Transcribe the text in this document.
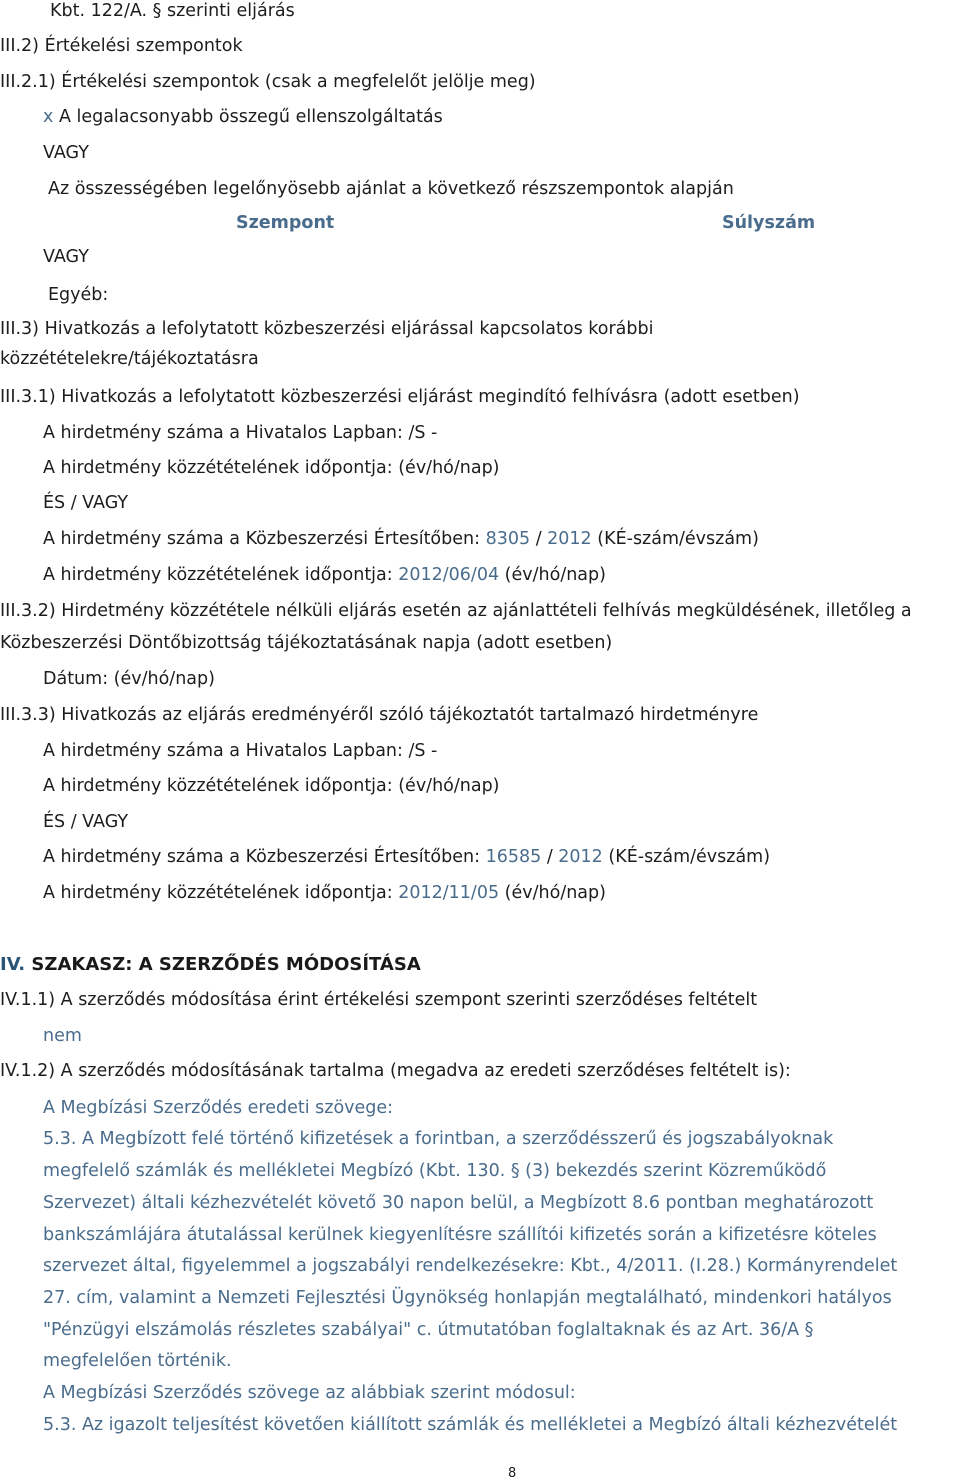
Kbt. 122/A. § szerinti eljárás
III.2) Értékelési szempontok
III.2.1) Értékelési szempontok (csak a megfelelőt jelölje meg)
x A legalacsonyabb összegű ellenszolgáltatás
VAGY
Az összességében legelőnyösebb ajánlat a következő részszempontok alapján
Szempont	Súlyszám
VAGY
Egyéb:
III.3) Hivatkozás a lefolytatott közbeszerzési eljárással kapcsolatos korábbi
közzétételekre/tájékoztatásra
III.3.1) Hivatkozás a lefolytatott közbeszerzési eljárást megindító felhívásra (adott esetben)
A hirdetmény száma a Hivatalos Lapban: /S -
A hirdetmény közzétételének időpontja: (év/hó/nap)
ÉS / VAGY
A hirdetmény száma a Közbeszerzési Értesítőben: 8305 / 2012 (KÉ-szám/évszám)
A hirdetmény közzétételének időpontja: 2012/06/04 (év/hó/nap)
III.3.2) Hirdetmény közzététele nélküli eljárás esetén az ajánlattételi felhívás megküldésének, illetőleg a
Közbeszerzési Döntőbizottság tájékoztatásának napja (adott esetben)
Dátum: (év/hó/nap)
III.3.3) Hivatkozás az eljárás eredményéről szóló tájékoztatót tartalmazó hirdetményre
A hirdetmény száma a Hivatalos Lapban: /S -
A hirdetmény közzétételének időpontja: (év/hó/nap)
ÉS / VAGY
A hirdetmény száma a Közbeszerzési Értesítőben: 16585 / 2012 (KÉ-szám/évszám)
A hirdetmény közzétételének időpontja: 2012/11/05 (év/hó/nap)
IV. SZAKASZ: A SZERZŐDÉS MÓDOSÍTÁSA
IV.1.1) A szerződés módosítása érint értékelési szempont szerinti szerződéses feltételt
nem
IV.1.2) A szerződés módosításának tartalma (megadva az eredeti szerződéses feltételt is):
A Megbízási Szerződés eredeti szövege:
5.3. A Megbízott felé történő kifizetések a forintban, a szerződésszerű és jogszabályoknak
megfelelő számlák és mellékletei Megbízó (Kbt. 130. § (3) bekezdés szerint Közreműködő
Szervezet) általi kézhezvételét követő 30 napon belül, a Megbízott 8.6 pontban meghatározott
bankszámlájára átutalással kerülnek kiegyenlítésre szállítói kifizetés során a kifizetésre köteles
szervezet által, figyelemmel a jogszabályi rendelkezésekre: Kbt., 4/2011. (I.28.) Kormányrendelet
27. cím, valamint a Nemzeti Fejlesztési Ügynökség honlapján megtalálható, mindenkori hatályos
"Pénzügyi elszámolás részletes szabályai" c. útmutatóban foglaltaknak és az Art. 36/A §
megfelelően történik.
A Megbízási Szerződés szövege az alábbiak szerint módosul:
5.3. Az igazolt teljesítést követően kiállított számlák és mellékletei a Megbízó általi kézhezvételét
8
